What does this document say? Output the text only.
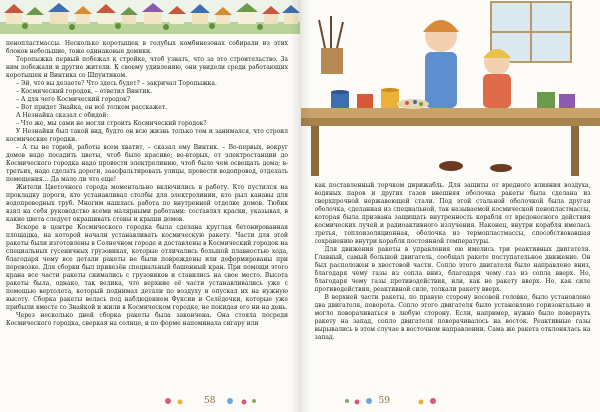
пенопластмассы. Несколько коротышек в голубых комбинезонах собирали из этих блоков небольшие, тоже одинаковые домики.

Торопыжка первый побежал к стройке, чтоб узнать, что за это строительство. За ним побежали и другие жители. К своему удивлению, они увидели среди работающих коротышек и Винтика со Шпунтиком.

– Эй, что вы делаете? Что здесь будет? – закричал Торопыжка.

– Космический городок, – ответил Винтик.

– А для чего Космический городок?

– Вот придет Знайка, он всё толком расскажет.

А Незнайка сказал с обидой:

– Что же, мы сами не могли строить Космический городок?

У Незнайки был такой вид, будто он всю жизнь только тем и занимался, что строил космические городки.

– А ты не горюй, работы всем хватит, – сказал ему Винтик. – Во-первых, вокруг домов надо посадить цветы, чтоб было красиво; во-вторых, от электростанции до Космического городка надо провести электролинию, чтоб было чем освещать дома; в-третьих, надо сделать дороги, заасфальтировать улицы, провести водопровод, отделать помещения… Да мало ли что еще!

Жители Цветочного города моментально включились в работу. Кто пустился на прокладку дороги, кто устанавливал столбы для электролинии, кто рыл канавы для водопроводных труб. Многим нашлась работа по внутренней отделке домов. Тюбик взял на себя руководство всеми малярными работами: составлял краски, указывал, в какие цвета следует окрашивать стены и крыши домов.

Вскоре в центре Космического городка была сделана круглая бетонированная площадка, на которой начали устанавливать космическую ракету. Части для этой ракеты были изготовлены в Солнечном городе и доставлены в Космический городок на специальных гусеничных грузовиках, которые отличались большой плавностью хода, благодаря чему все детали ракеты не были повреждены или деформированы при перевозке. Для сборки был привезён специальный башенный кран. При помощи этого крана все части ракеты снимались с грузовиков и ставились на свое место. Высота ракеты была, однако, так велика, что верхние её части устанавливались уже с помощью вертолета, который поднимал детали по воздуху и опускал их на нужную высоту. Сборка ракеты велась под наблюдением Фуксии и Селёдочки, которые уже прибыли вместе со Знайкой и жили в Космическом городке, не покидая его ни на день.

Через несколько дней сборка ракеты была закончена. Она стояла посреди Космического городка, сверкая на солнце, и по форме напоминала сигару или

58

как поставленный торчком дирижабль. Для защиты от вредного влияния воздуха, водяных паров и других газов внешняя оболочка ракеты была сделана из сверхпрочной нержавеющей стали. Под этой стальной оболочкой была другая оболочка, сделанная из специальной, так называемой космической пенопластмассы, которая была призвана защищать внутренность корабля от вредоносного действия космических лучей и радиоактивного излучения. Наконец, внутри корабля имелась третья, теплоизоляционная, оболочка из термопластмассы, способствовавшая сохранению внутри корабля постоянной температуры.

Для движения ракеты в управления ею имелись три реактивных двигателя. Главный, самый большой двигатель, сообщал ракете поступательное движение. Он был расположен в хвостовой части. Сопло этого двигателя было направлено вниз, благодаря чему газы из сопла вниз, благодаря чему газ из сопла вверх. Но, благодаря чему газы противодействия, или, как не ракету вверх. Но, как силе противодействия, реактивной силе, толкали ракету вверх.

В верхней части ракеты, по правую сторону носовой головке, было установлено два двигателя, поворота. Сопло этого двигателя было установлено горизонтально и могло поворачиваться в любую сторону. Если, например, нужно было повернуть ракету на запад, сопло двигателя поворачивалось на восток. Реактивные газы вырывались в этом случае в восточном направлении. Сама же ракета отклонялась на запад.

59
